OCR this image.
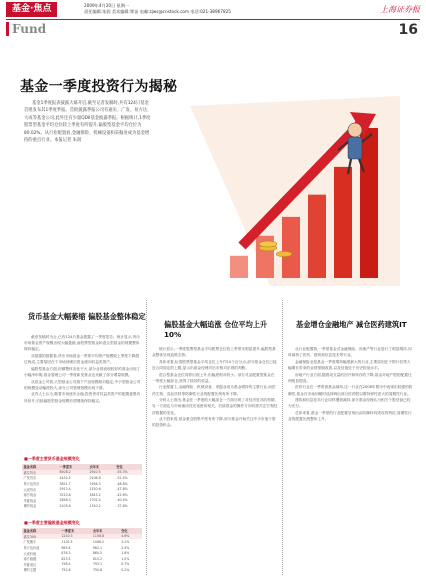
基金·焦点	2009年4月20日 星期一
责任编辑:朱润 美术编辑:鄂苗 电邮:zjws@cnstock.com 电话:021-38967825	上海证券报
Fund	16
基金一季度投资行为揭秘
基金1季度报表披露大幕开启,截至记者发稿时,共有124只基金首批发布其1季度季报。首批披露季报公司有嘉实、广发、易方达、大成等基金公司,此外还有少量QDII基金披露季报。根据统计,1季度股票型基金平均仓位较上季度有所提升,偏股型基金平均仓位为80.02%。从行业配置看,金融保险、机械设备和采掘业成为基金增持的重点行业。本报记者 朱润
货币基金大幅萎缩 偏股基金整体稳定

截至发稿时为止,已有124只基金披露了一季度报告。统计显示,货币市场基金资产规模出现大幅萎缩,而股票型基金和混合型基金的规模整体保持稳定。

从披露的数据看,货币市场基金一季度平均资产规模较上季度下降超过两成,主要原因在于市场回暖后资金流向权益类资产。

偏股型基金方面,份额整体变化不大,部分业绩表现较好的基金出现了小幅净申购,基金管理公司一季度新发基金也贡献了部分增量规模。

从基金公司看,大型基金公司旗下产品规模相对稳定,中小型基金公司的规模变动幅度较大,部分公司管理规模出现下滑。

业内人士认为,随着市场逐步企稳,投资者对权益类资产的配置意愿有所回升,后续偏股型基金规模有望继续保持稳定。

偏股基金大幅追涨 仓位平均上升10%

统计显示,一季度股票型基金平均股票仓位较上季度末明显提升,偏股型基金整体呈现追涨态势。

具体来看,标准股票型基金平均仓位上升约10个百分点,部分基金仓位已接近合同规定的上限,显示出基金经理对后市相对乐观的判断。

混合型基金仓位同样出现上升,但幅度相对较小。部分灵活配置型基金在一季度大幅加仓,获得了较好的收益。

行业配置上,金融保险、机械设备、采掘业成为基金增持的主要行业,而医药生物、食品饮料等防御性行业的配置比例有所下降。

分析人士指出,基金在一季度的大幅加仓一方面反映了对经济复苏的预期,另一方面也与市场流动性充裕密切相关。后续基金的操作方向仍需关注宏观经济数据的变化。

从个股来看,基金重仓股集中度有所下降,部分基金开始关注中小市值个股的投资机会。

基金增仓金融地产 减仓医药建筑IT

从行业配置看,一季度基金对金融保险、房地产等行业进行了明显增持,同时减持了医药、建筑和信息技术等行业。

金融保险业是基金一季度增持幅度最大的行业,主要原因在于银行信贷大幅增长带来的业绩预期改善,以及估值处于历史较低水平。

房地产行业方面,随着成交量的回升和库存的下降,基金对地产股的配置比例明显提高。

医药行业在一季度被基金减持,这一行业在2008年熊市中表现出较强的防御性,基金在市场回暖时选择调出部分医药股以增持弹性更大的周期性行业。

建筑和信息技术行业同样遭到减持,部分基金经理认为相关个股估值已较为充分。

总体来看,基金一季度的行业配置呈现出由防御转向进攻的特征,周期性行业的配置比例整体上升。

■一季度主要货币基金规模变化
基金名称	一季度末	去年末	变化
嘉实货币	6508.2	2910.5	-55.3%
广发货币	4432.5	2106.8	-52.5%
易方达货币	3821.7	1956.3	-48.8%
大成货币	2913.4	1520.6	-47.8%
南方现金	3210.8	1843.2	-42.6%
华夏现金	2856.3	1702.4	-40.4%
博时现金	2105.6	1310.2	-37.8%
■一季度主要偏股基金规模变化
基金名称	一季度末	去年末	变化
嘉实300	1210.3	1156.8	4.6%
广发聚丰	1102.5	1068.2	3.2%
易方达价值	985.6	962.1	2.4%
大成价值	876.3	860.5	1.8%
南方稳健	823.5	815.2	1.0%
华夏成长	798.4	793.1	0.7%
博时主题	752.6	750.8	0.2%
